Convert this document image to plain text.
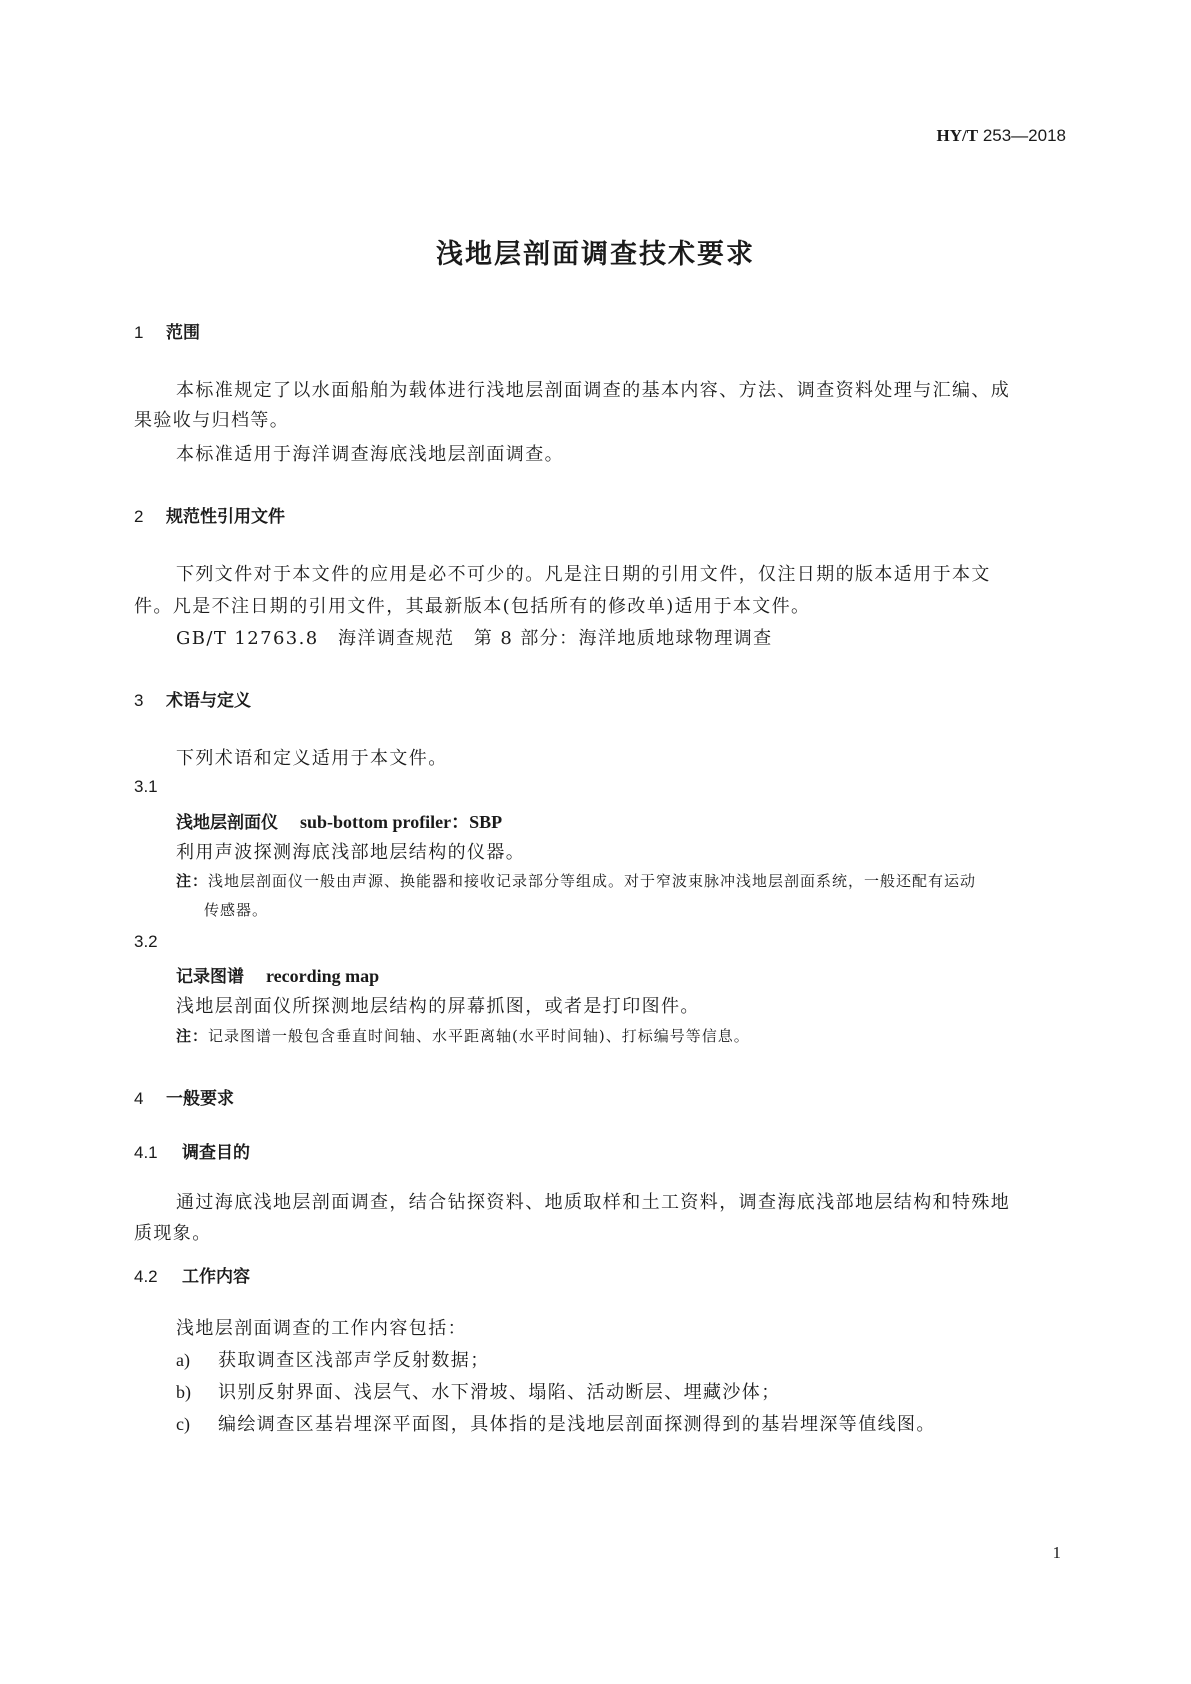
HY/T 253—2018
浅地层剖面调查技术要求
1 范围
本标准规定了以水面船舶为载体进行浅地层剖面调查的基本内容、方法、调查资料处理与汇编、成
果验收与归档等。
本标准适用于海洋调查海底浅地层剖面调查。
2 规范性引用文件
下列文件对于本文件的应用是必不可少的。凡是注日期的引用文件，仅注日期的版本适用于本文
件。凡是不注日期的引用文件，其最新版本(包括所有的修改单)适用于本文件。
GB/T 12763.8　海洋调查规范　第 8 部分：海洋地质地球物理调查
3 术语与定义
下列术语和定义适用于本文件。
3.1
浅地层剖面仪 sub-bottom profiler：SBP
利用声波探测海底浅部地层结构的仪器。
注：浅地层剖面仪一般由声源、换能器和接收记录部分等组成。对于窄波束脉冲浅地层剖面系统，一般还配有运动
传感器。
3.2
记录图谱 recording map
浅地层剖面仪所探测地层结构的屏幕抓图，或者是打印图件。
注：记录图谱一般包含垂直时间轴、水平距离轴(水平时间轴)、打标编号等信息。
4 一般要求
4.1 调查目的
通过海底浅地层剖面调查，结合钻探资料、地质取样和土工资料，调查海底浅部地层结构和特殊地
质现象。
4.2 工作内容
浅地层剖面调查的工作内容包括：
a) 获取调查区浅部声学反射数据；
b) 识别反射界面、浅层气、水下滑坡、塌陷、活动断层、埋藏沙体；
c) 编绘调查区基岩埋深平面图，具体指的是浅地层剖面探测得到的基岩埋深等值线图。
1
